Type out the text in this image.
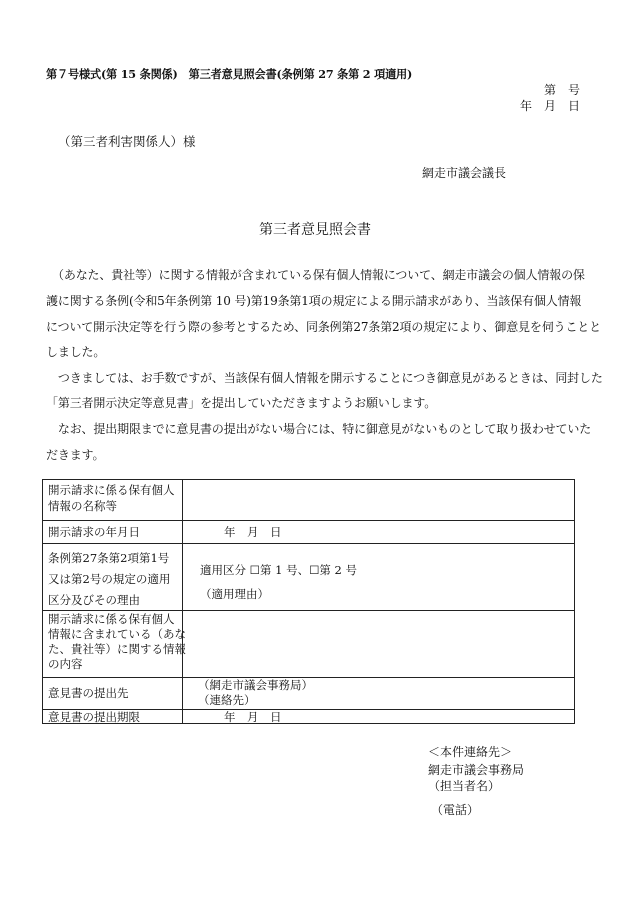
第７号様式(第 15 条関係)　第三者意見照会書(条例第 27 条第 2 項適用)
第　号
年　月　日
（第三者利害関係人）様
網走市議会議長
第三者意見照会書
（あなた、貴社等）に関する情報が含まれている保有個人情報について、網走市議会の個人情報の保
護に関する条例(令和5年条例第 10 号)第19条第1項の規定による開示請求があり、当該保有個人情報
について開示決定等を行う際の参考とするため、同条例第27条第2項の規定により、御意見を伺うことと
しました。
　つきましては、お手数ですが、当該保有個人情報を開示することにつき御意見があるときは、同封した
「第三者開示決定等意見書」を提出していただきますようお願いします。
　なお、提出期限までに意見書の提出がない場合には、特に御意見がないものとして取り扱わせていた
だきます。
開示請求に係る保有個人
情報の名称等
開示請求の年月日	年　月　日
条例第27条第2項第1号
又は第2号の規定の適用
区分及びその理由
適用区分 ☐第 1 号、☐第 2 号
（適用理由）
開示請求に係る保有個人
情報に含まれている（あな
た、貴社等）に関する情報
の内容
意見書の提出先
（網走市議会事務局）
（連絡先）
意見書の提出期限	年　月　日
＜本件連絡先＞
網走市議会事務局
（担当者名）
（電話）
